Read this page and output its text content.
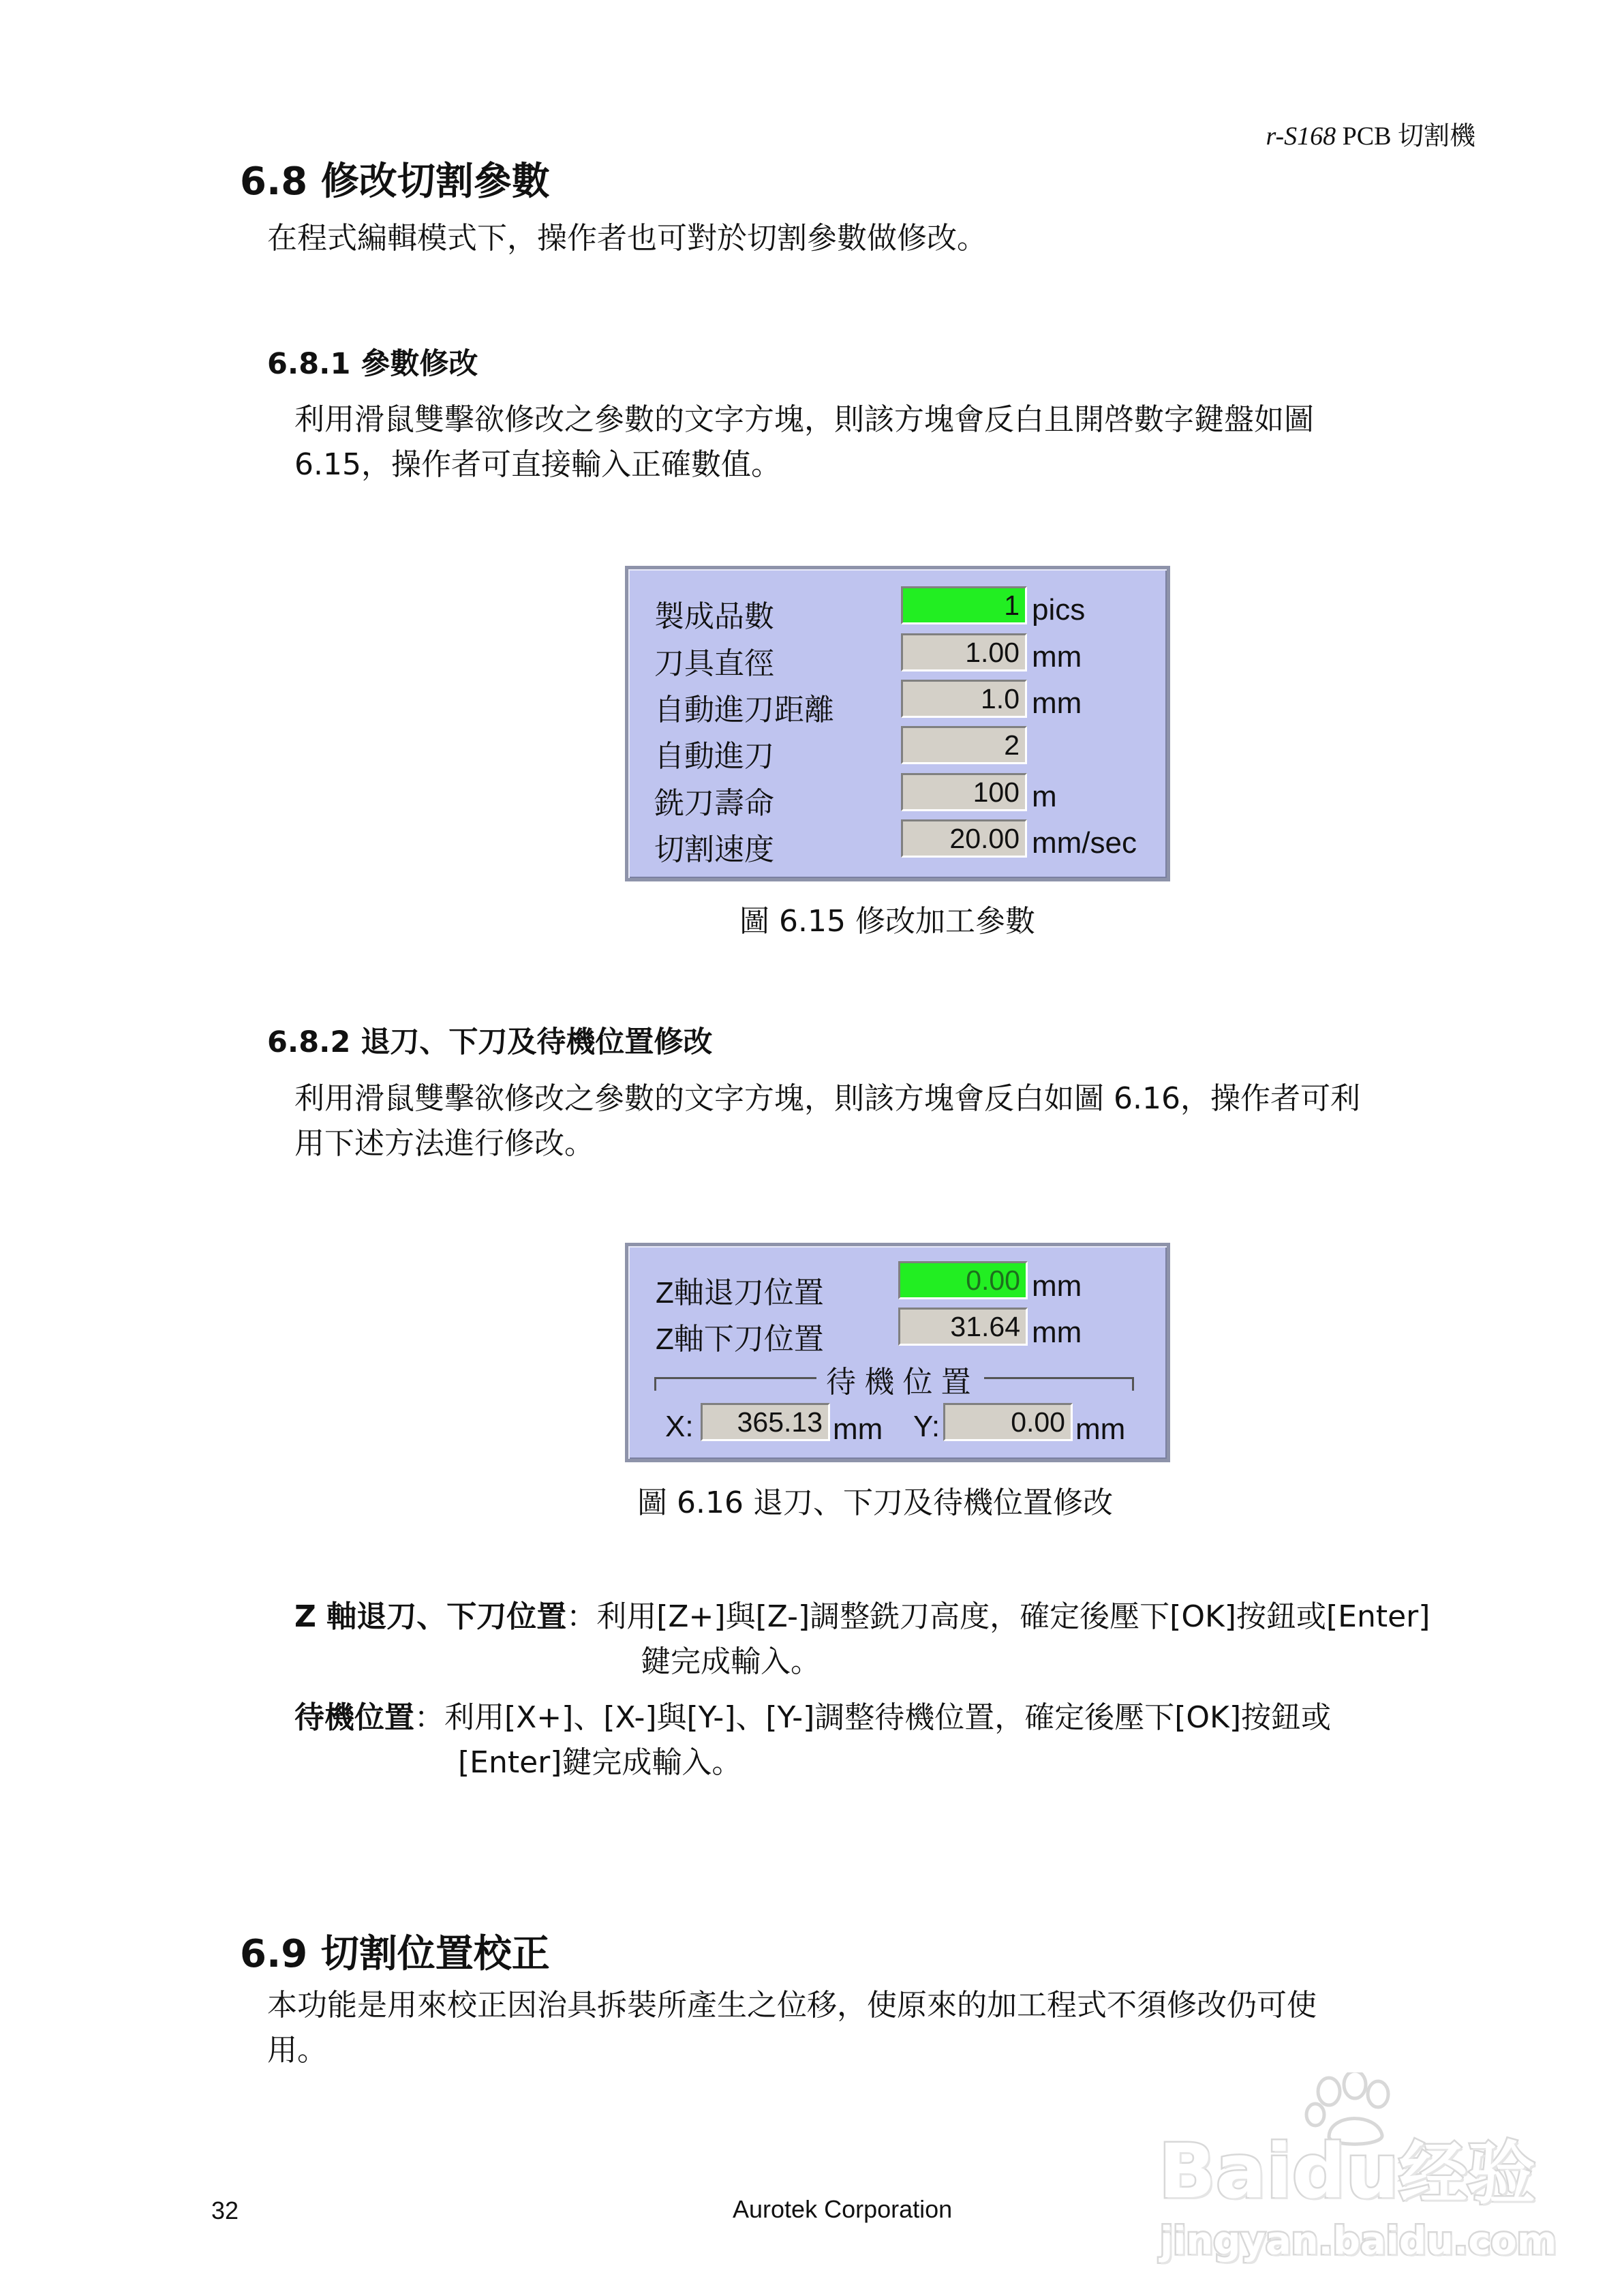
r-S168 PCB 切割機
6.8 修改切割參數
在程式編輯模式下，操作者也可對於切割參數做修改。
6.8.1 參數修改
利用滑鼠雙擊欲修改之參數的文字方塊，則該方塊會反白且開啓數字鍵盤如圖
6.15，操作者可直接輸入正確數值。
製成品數	1 pics
刀具直徑	1.00 mm
自動進刀距離	1.0 mm
自動進刀	2
銑刀壽命	100 m
切割速度	20.00 mm/sec
圖 6.15 修改加工參數
6.8.2 退刀、下刀及待機位置修改
利用滑鼠雙擊欲修改之參數的文字方塊，則該方塊會反白如圖 6.16，操作者可利
用下述方法進行修改。
Z軸退刀位置	0.00 mm
Z軸下刀位置	31.64 mm
待 機 位 置
X:	365.13 mm Y:	0.00 mm
圖 6.16 退刀、下刀及待機位置修改
Z 軸退刀、下刀位置：利用[Z+]與[Z-]調整銑刀高度，確定後壓下[OK]按鈕或[Enter]
鍵完成輸入。
待機位置：利用[X+]、[X-]與[Y-]、[Y-]調整待機位置，確定後壓下[OK]按鈕或
[Enter]鍵完成輸入。
6.9 切割位置校正
本功能是用來校正因治具拆裝所產生之位移，使原來的加工程式不須修改仍可使
用。
Baidu经验
jingyan.baidu.com
32	Aurotek Corporation
